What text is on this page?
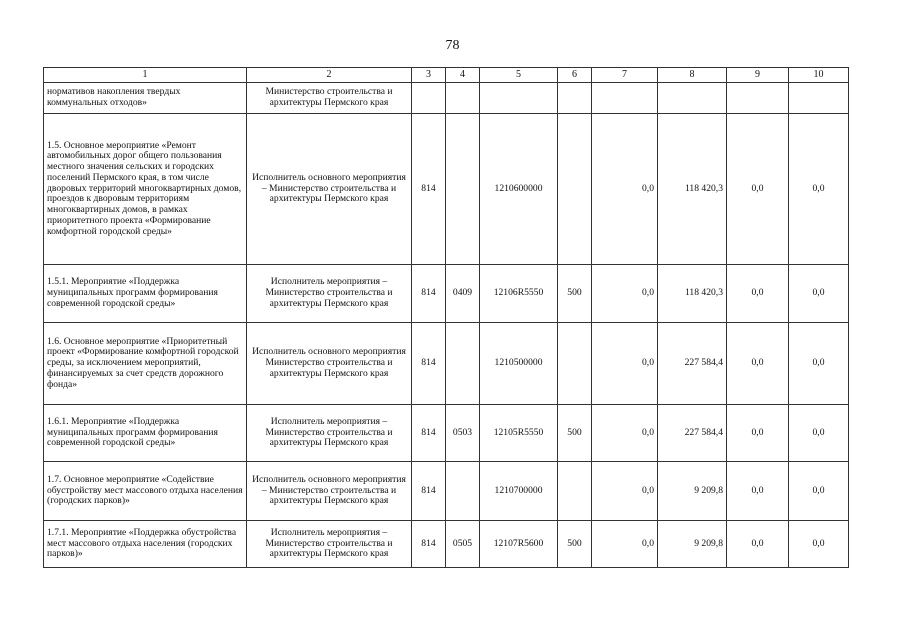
78
1	2	3	4	5	6	7	8	9	10
нормативов накопления твердых коммунальных отходов»	Министерство строительства и архитектуры Пермского края								
1.5. Основное мероприятие «Ремонт автомобильных дорог общего пользования местного значения сельских и городских поселений Пермского края, в том числе дворовых территорий многоквартирных домов, проездов к дворовым территориям многоквартирных домов, в рамках приоритетного проекта «Формирование комфортной городской среды»	Исполнитель основного мероприятия – Министерство строительства и архитектуры Пермского края	814		1210600000		0,0	118 420,3	0,0	0,0
1.5.1. Мероприятие «Поддержка муниципальных программ формирования современной городской среды»	Исполнитель мероприятия – Министерство строительства и архитектуры Пермского края	814	0409	12106R5550	500	0,0	118 420,3	0,0	0,0
1.6. Основное мероприятие «Приоритетный проект «Формирование комфортной городской среды, за исключением мероприятий, финансируемых за счет средств дорожного фонда»	Исполнитель основного мероприятия Министерство строительства и архитектуры Пермского края	814		1210500000		0,0	227 584,4	0,0	0,0
1.6.1. Мероприятие «Поддержка муниципальных программ формирования современной городской среды»	Исполнитель мероприятия – Министерство строительства и архитектуры Пермского края	814	0503	12105R5550	500	0,0	227 584,4	0,0	0,0
1.7. Основное мероприятие «Содействие обустройству мест массового отдыха населения (городских парков)»	Исполнитель основного мероприятия – Министерство строительства и архитектуры Пермского края	814		1210700000		0,0	9 209,8	0,0	0,0
1.7.1. Мероприятие «Поддержка обустройства мест массового отдыха населения (городских парков)»	Исполнитель мероприятия – Министерство строительства и архитектуры Пермского края	814	0505	12107R5600	500	0,0	9 209,8	0,0	0,0
